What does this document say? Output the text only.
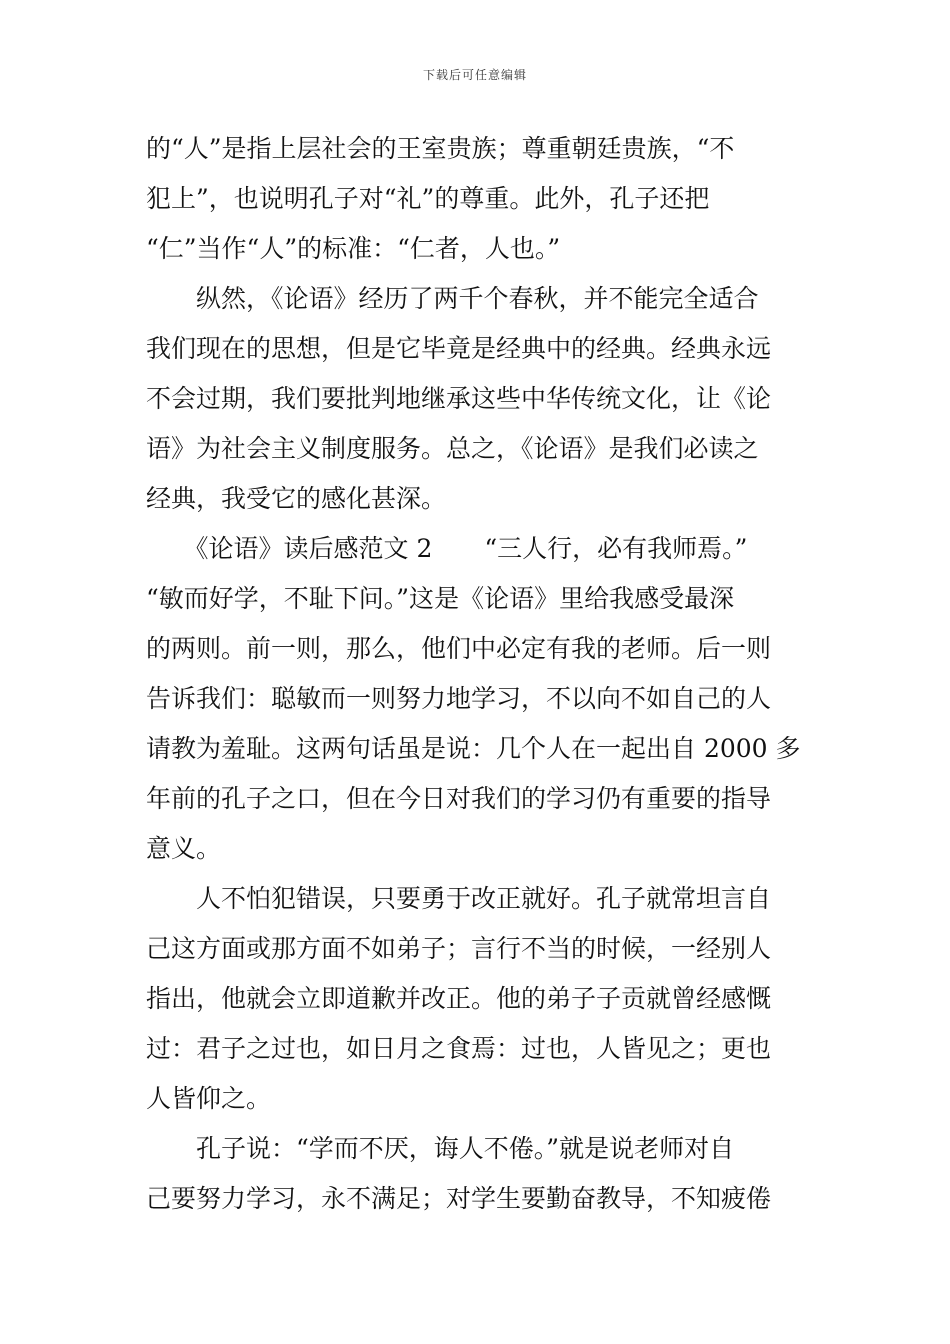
下载后可任意编辑
的“人”是指上层社会的王室贵族；尊重朝廷贵族，“不
犯上”，也说明孔子对“礼”的尊重。此外，孔子还把
“仁”当作“人”的标准：“仁者，人也。”
　　纵然，《论语》经历了两千个春秋，并不能完全适合
我们现在的思想，但是它毕竟是经典中的经典。经典永远
不会过期，我们要批判地继承这些中华传统文化，让《论
语》为社会主义制度服务。总之，《论语》是我们必读之
经典，我受它的感化甚深。
　　《论语》读后感范文 2 “三人行，必有我师焉。”
“敏而好学，不耻下问。”这是《论语》里给我感受最深
的两则。前一则，那么，他们中必定有我的老师。后一则
告诉我们：聪敏而一则努力地学习，不以向不如自己的人
请教为羞耻。这两句话虽是说：几个人在一起出自 2000 多
年前的孔子之口，但在今日对我们的学习仍有重要的指导
意义。
　　人不怕犯错误，只要勇于改正就好。孔子就常坦言自
己这方面或那方面不如弟子；言行不当的时候，一经别人
指出，他就会立即道歉并改正。他的弟子子贡就曾经感慨
过：君子之过也，如日月之食焉：过也，人皆见之；更也
人皆仰之。
　　孔子说：“学而不厌，诲人不倦。”就是说老师对自
己要努力学习，永不满足；对学生要勤奋教导，不知疲倦
